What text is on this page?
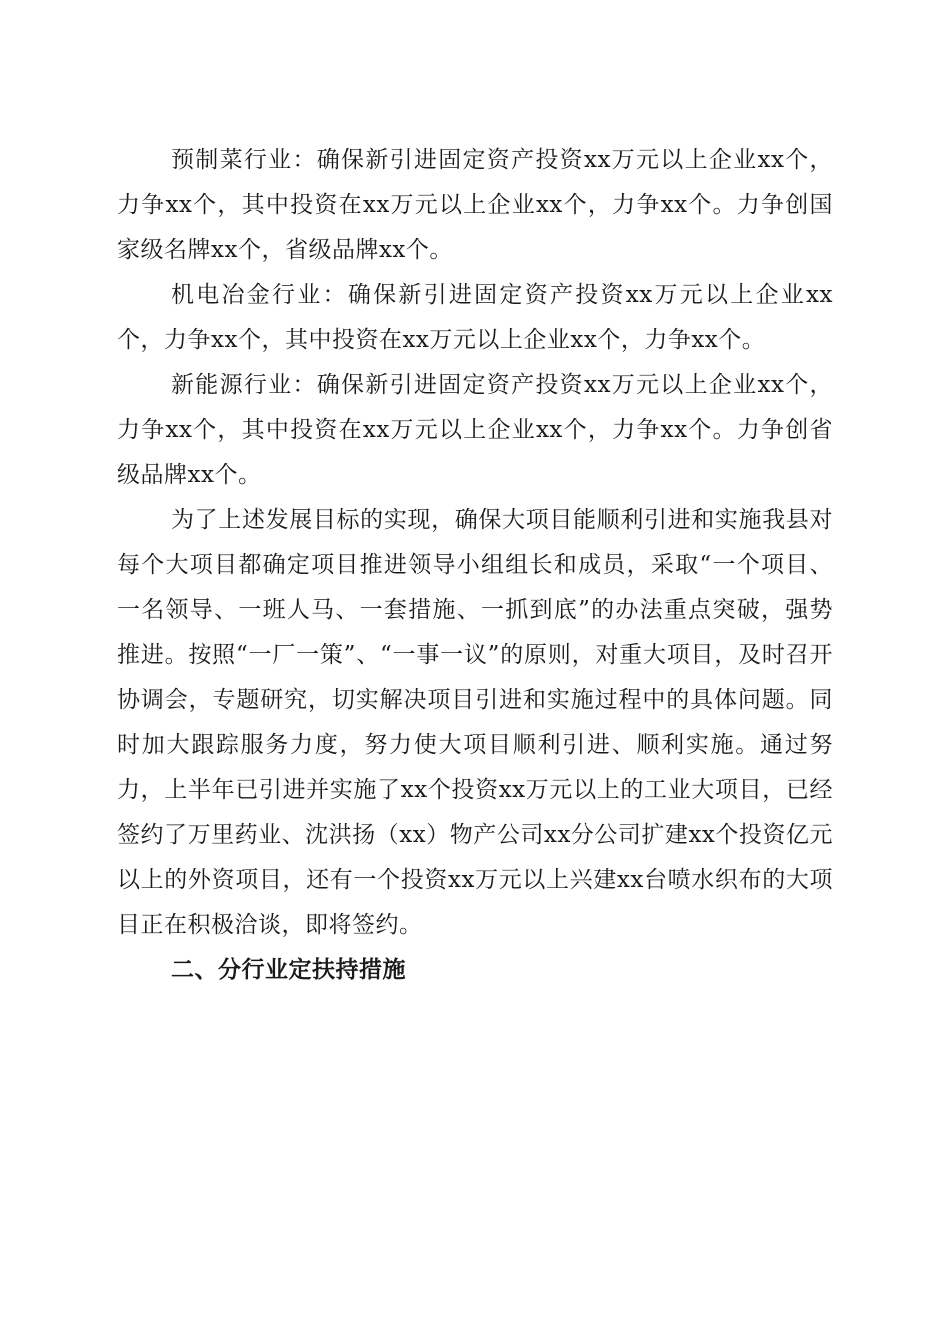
预制菜行业：确保新引进固定资产投资xx万元以上企业xx个，力争xx个，其中投资在xx万元以上企业xx个，力争xx个。力争创国家级名牌xx个，省级品牌xx个。

机电冶金行业：确保新引进固定资产投资xx万元以上企业xx个，力争xx个，其中投资在xx万元以上企业xx个，力争xx个。

新能源行业：确保新引进固定资产投资xx万元以上企业xx个，力争xx个，其中投资在xx万元以上企业xx个，力争xx个。力争创省级品牌xx个。

为了上述发展目标的实现，确保大项目能顺利引进和实施我县对每个大项目都确定项目推进领导小组组长和成员，采取“一个项目、一名领导、一班人马、一套措施、一抓到底”的办法重点突破，强势推进。按照“一厂一策”、“一事一议”的原则，对重大项目，及时召开协调会，专题研究，切实解决项目引进和实施过程中的具体问题。同时加大跟踪服务力度，努力使大项目顺利引进、顺利实施。通过努力，上半年已引进并实施了xx个投资xx万元以上的工业大项目，已经签约了万里药业、沈洪扬（xx）物产公司xx分公司扩建xx个投资亿元以上的外资项目，还有一个投资xx万元以上兴建xx台喷水织布的大项目正在积极洽谈，即将签约。

二、分行业定扶持措施
